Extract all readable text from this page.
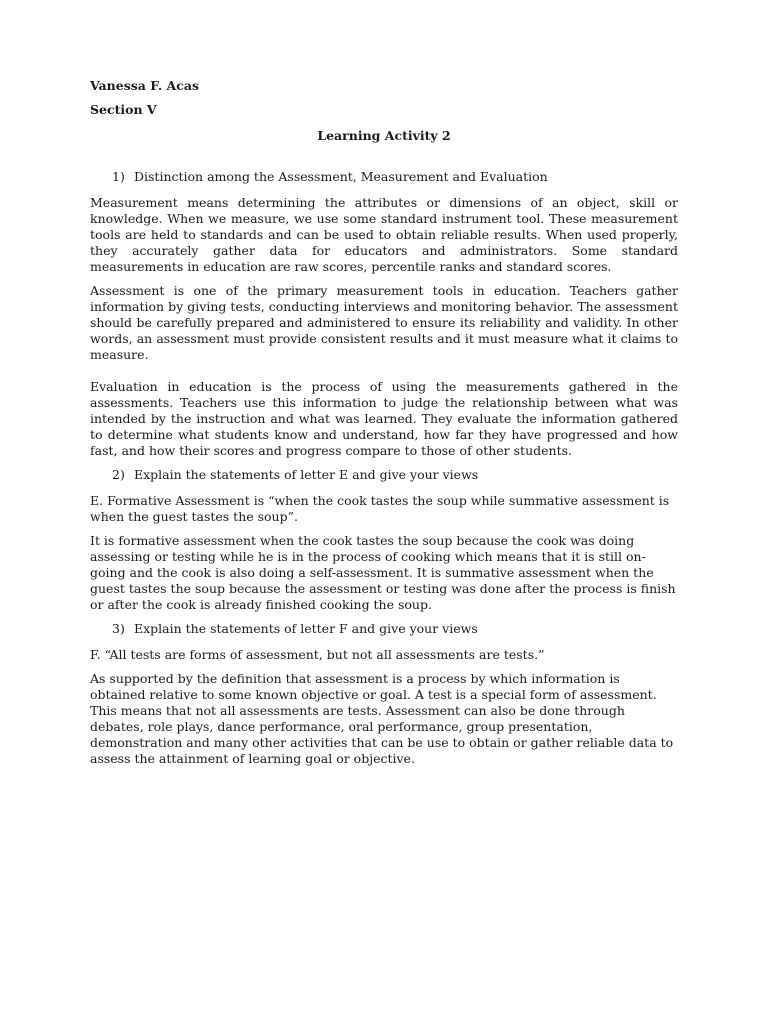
Vanessa F. Acas

Section V

Learning Activity 2

1) Distinction among the Assessment, Measurement and Evaluation

Measurement means determining the attributes or dimensions of an object, skill or knowledge. When we measure, we use some standard instrument tool. These measurement tools are held to standards and can be used to obtain reliable results. When used properly, they accurately gather data for educators and administrators. Some standard measurements in education are raw scores, percentile ranks and standard scores.

Assessment is one of the primary measurement tools in education. Teachers gather information by giving tests, conducting interviews and monitoring behavior. The assessment should be carefully prepared and administered to ensure its reliability and validity. In other words, an assessment must provide consistent results and it must measure what it claims to measure.

Evaluation in education is the process of using the measurements gathered in the assessments. Teachers use this information to judge the relationship between what was intended by the instruction and what was learned. They evaluate the information gathered to determine what students know and understand, how far they have progressed and how fast, and how their scores and progress compare to those of other students.

2) Explain the statements of letter E and give your views

E. Formative Assessment is “when the cook tastes the soup while summative assessment is when the guest tastes the soup”.

It is formative assessment when the cook tastes the soup because the cook was doing assessing or testing while he is in the process of cooking which means that it is still on-going and the cook is also doing a self-assessment. It is summative assessment when the guest tastes the soup because the assessment or testing was done after the process is finish or after the cook is already finished cooking the soup.

3) Explain the statements of letter F and give your views

F. “All tests are forms of assessment, but not all assessments are tests.”

As supported by the definition that assessment is a process by which information is obtained relative to some known objective or goal. A test is a special form of assessment. This means that not all assessments are tests. Assessment can also be done through debates, role plays, dance performance, oral performance, group presentation, demonstration and many other activities that can be use to obtain or gather reliable data to assess the attainment of learning goal or objective.
